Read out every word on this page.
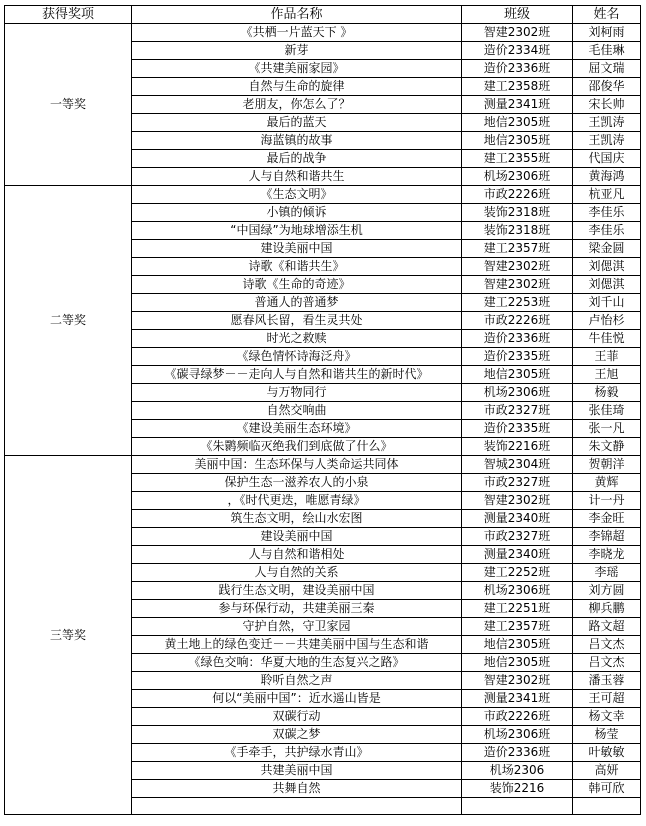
获得奖项	作品名称	班级	姓名
一等奖	《共栖一片蓝天下 》	智建2302班	刘柯雨
	新芽	造价2334班	毛佳琳
	《共建美丽家园》	造价2336班	屈文瑞
	自然与生命的旋律	建工2358班	邵俊华
	老朋友，你怎么了？	测量2341班	宋长帅
	最后的蓝天	地信2305班	王凯涛
	海蓝镇的故事	地信2305班	王凯涛
	最后的战争	建工2355班	代国庆
	人与自然和谐共生	机场2306班	黄海鸿
二等奖	《生态文明》	市政2226班	杭亚凡
	小镇的倾诉	装饰2318班	李佳乐
	“中国绿”为地球增添生机	装饰2318班	李佳乐
	建设美丽中国	建工2357班	梁金圆
	诗歌《和谐共生》	智建2302班	刘偲淇
	诗歌《生命的奇迹》	智建2302班	刘偲淇
	普通人的普通梦	建工2253班	刘千山
	愿春风长留，看生灵共处	市政2226班	卢怡杉
	时光之救赎	造价2336班	牛佳悦
	《绿色情怀诗海泛舟》	造价2335班	王菲
	《碳寻绿梦－－走向人与自然和谐共生的新时代》	地信2305班	王旭
	与万物同行	机场2306班	杨毅
	自然交响曲	市政2327班	张佳琦
	《建设美丽生态环境》	造价2335班	张一凡
	《朱鹮频临灭绝我们到底做了什么》	装饰2216班	朱文静
三等奖	美丽中国：生态环保与人类命运共同体	智城2304班	贺朝洋
	保护生态一滋养农人的小泉	市政2327班	黄辉
	，《时代更迭，唯愿青绿》	智建2302班	计一丹
	筑生态文明，绘山水宏图	测量2340班	李金旺
	建设美丽中国	市政2327班	李锦超
	人与自然和谐相处	测量2340班	李晓龙
	人与自然的关系	建工2252班	李瑶
	践行生态文明，建设美丽中国	机场2306班	刘方圆
	参与环保行动，共建美丽三秦	建工2251班	柳兵鹏
	守护自然，守卫家园	建工2357班	路文超
	黄土地上的绿色变迁－－共建美丽中国与生态和谐	地信2305班	吕文杰
	《绿色交响：华夏大地的生态复兴之路》	地信2305班	吕文杰
	聆听自然之声	智建2302班	潘玉蓉
	何以“美丽中国”：近水遥山皆是	测量2341班	王可超
	双碳行动	市政2226班	杨文幸
	双碳之梦	机场2306班	杨莹
	《手牵手，共护绿水青山》	造价2336班	叶敏敏
	共建美丽中国	机场2306	高妍
	共舞自然	装饰2216	韩可欣
